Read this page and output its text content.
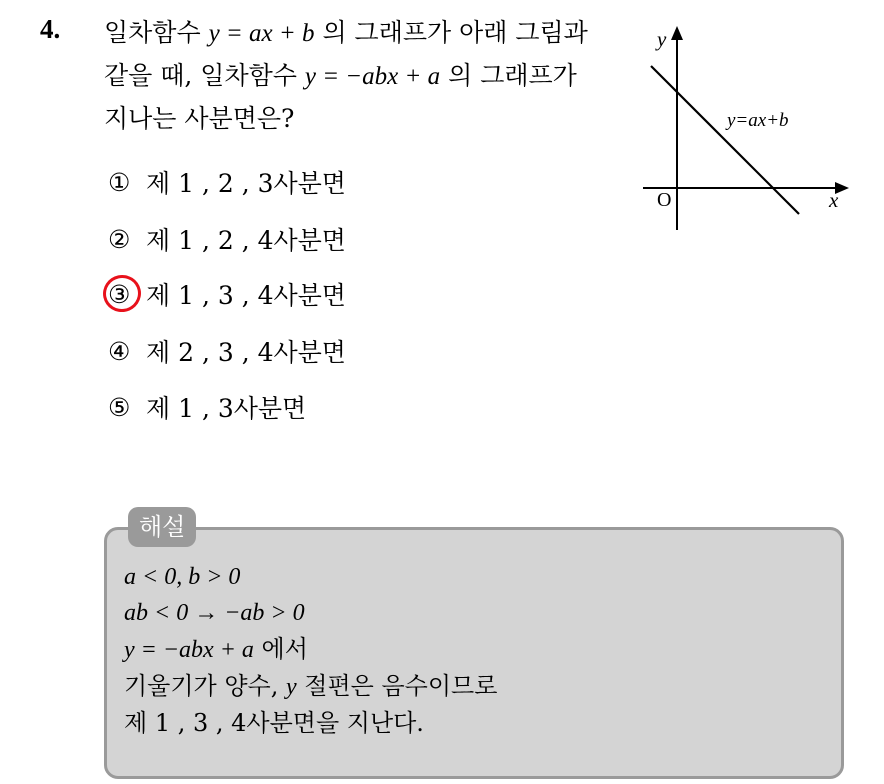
4. 일차함수 y = ax + b 의 그래프가 아래 그림과
같을 때, 일차함수 y = −abx + a 의 그래프가
지나는 사분면은?
y
x
O
y=ax+b
① 제 1 , 2 , 3사분면
② 제 1 , 2 , 4사분면
③ 제 1 , 3 , 4사분면
④ 제 2 , 3 , 4사분면
⑤ 제 1 , 3사분면
해설
a < 0, b > 0
ab < 0 → −ab > 0
y = −abx + a 에서
기울기가 양수, y 절편은 음수이므로
제 1 , 3 , 4사분면을 지난다.
